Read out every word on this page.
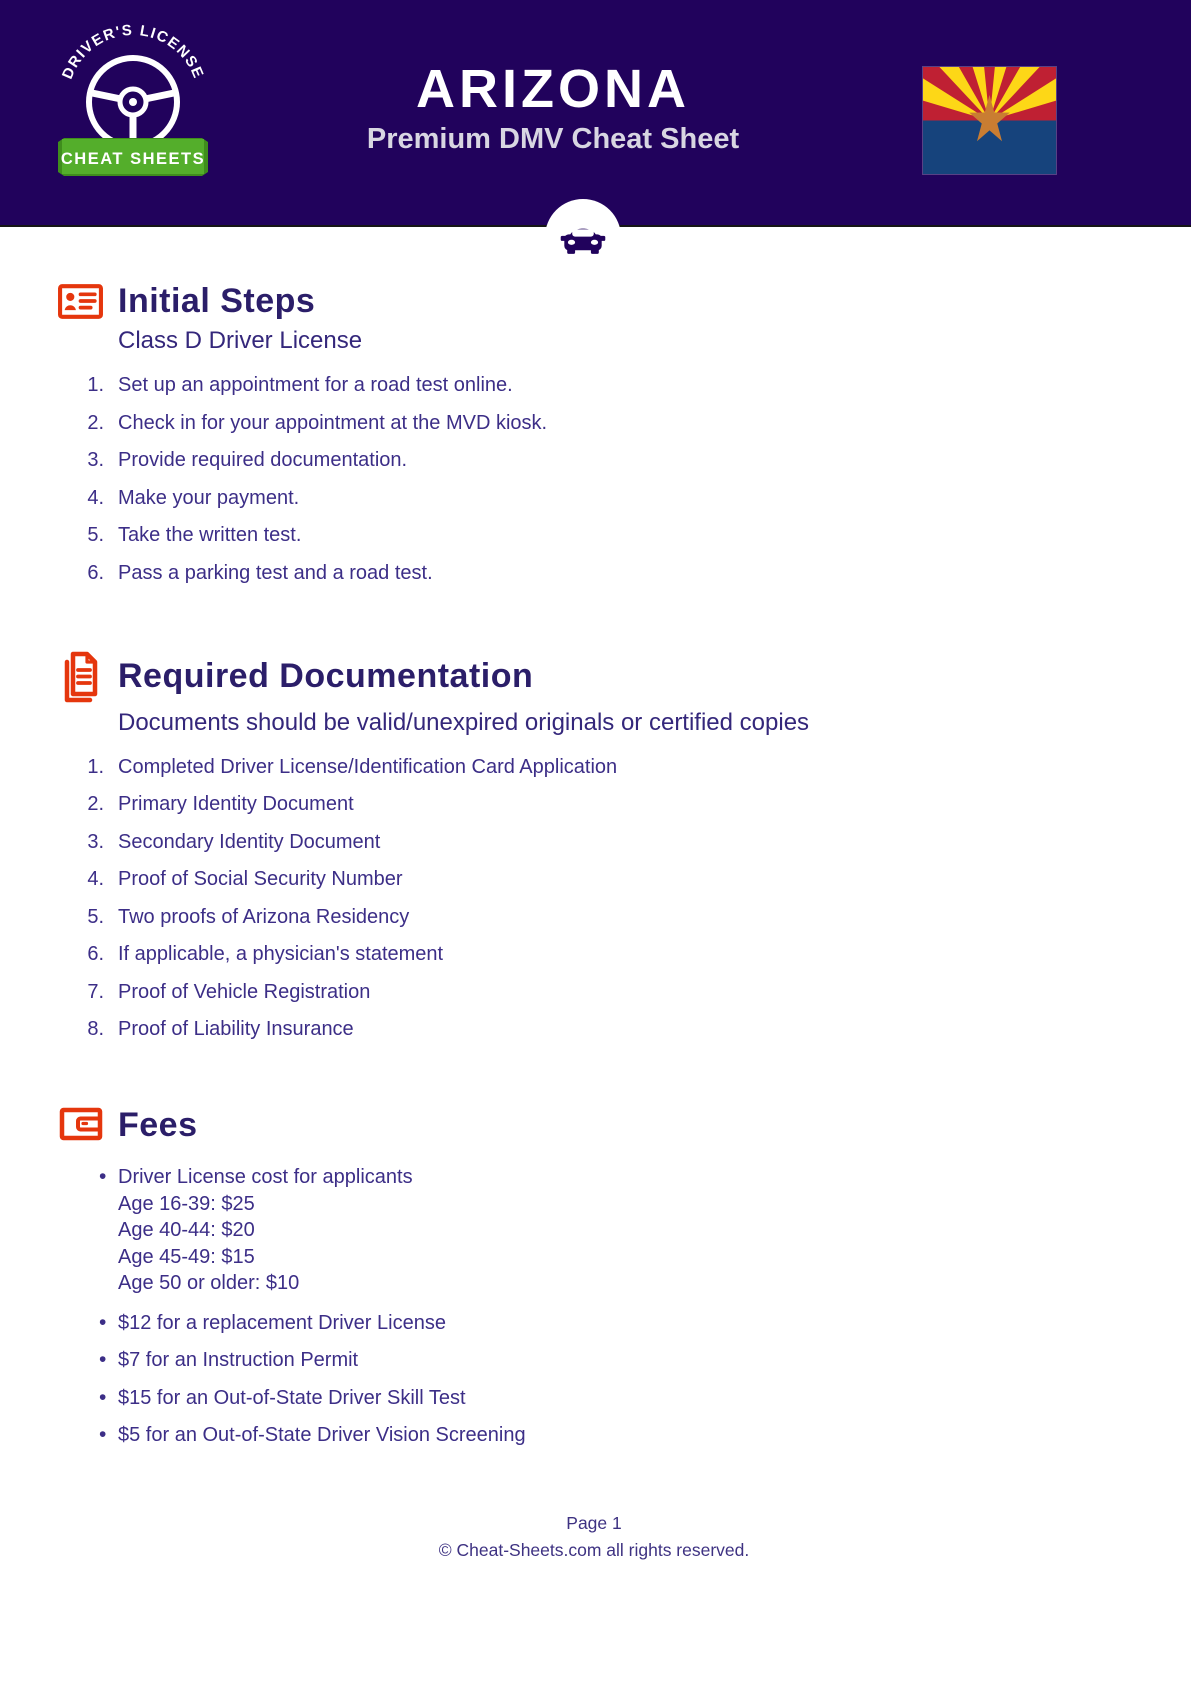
DRIVER'S LICENSE
CHEAT SHEETS
ARIZONA
Premium DMV Cheat Sheet
Initial Steps

Class D Driver License

Set up an appointment for a road test online.
Check in for your appointment at the MVD kiosk.
Provide required documentation.
Make your payment.
Take the written test.
Pass a parking test and a road test.
Required Documentation

Documents should be valid/unexpired originals or certified copies

Completed Driver License/Identification Card Application
Primary Identity Document
Secondary Identity Document
Proof of Social Security Number
Two proofs of Arizona Residency
If applicable, a physician's statement
Proof of Vehicle Registration
Proof of Liability Insurance
Fees
• Driver License cost for applicants
Age 16-39: $25
Age 40-44: $20
Age 45-49: $15
Age 50 or older: $10
• $12 for a replacement Driver License
• $7 for an Instruction Permit
• $15 for an Out-of-State Driver Skill Test
• $5 for an Out-of-State Driver Vision Screening
Page 1
© Cheat-Sheets.com all rights reserved.
